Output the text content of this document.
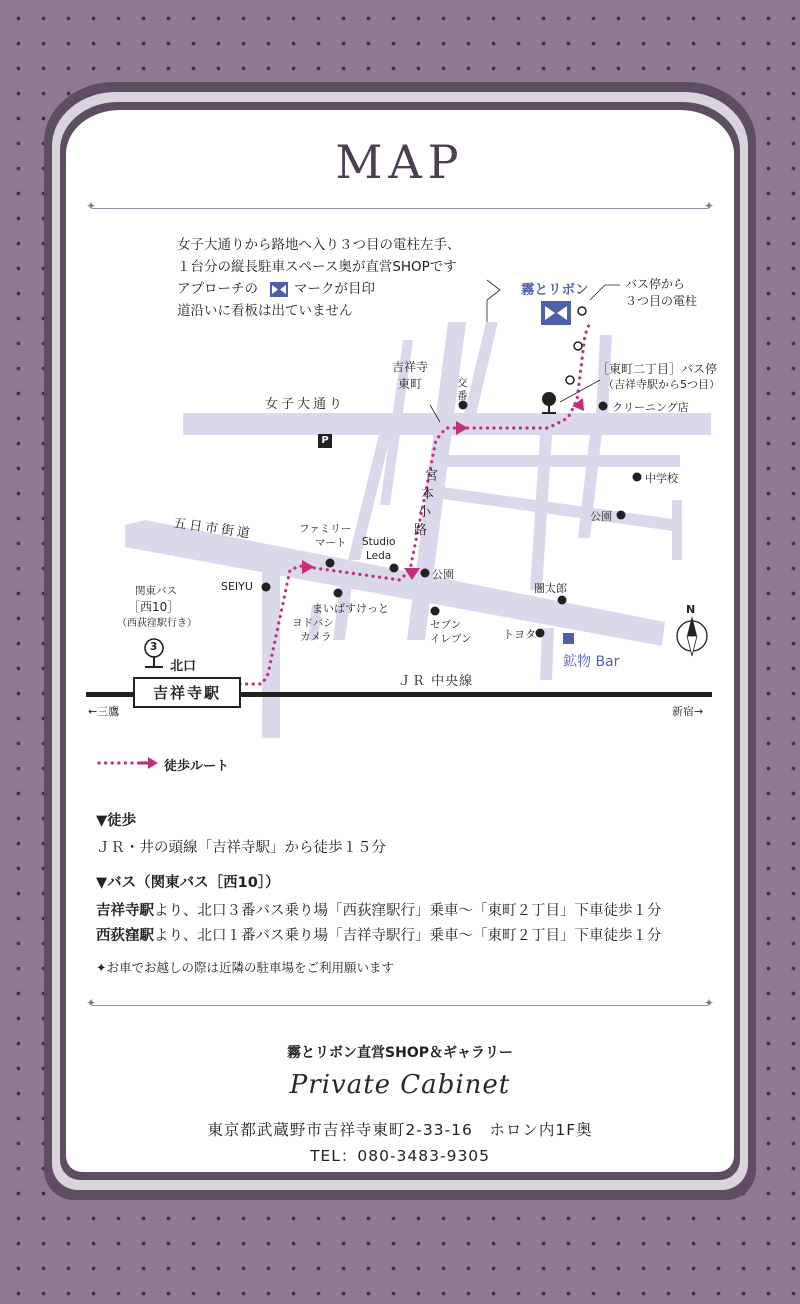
MAP
✦ ✦
女子大通りから路地へ入り３つ目の電柱左手、
１台分の縦長駐車スペース奥が直営SHOPです
アプローチの	マークが目印
道沿いに看板は出ていません
霧とリボン	バス停から
３つ目の電柱
［東町二丁目］バス停
（吉祥寺駅から5つ目）
吉祥寺
東町	交
番
クリーニング店
女子大通り
P
中学校
公園
五日市街道	ファミリー
マート Studio
Leda
宮
本
小
路
公園
SEIYU
まいばすけっと
ヨドバシ
カメラ
セブン
イレブン	トヨタ
闇太郎
鉱物 Bar
N
関東バス
［西10］
（西荻窪駅行き）
3
北口
吉祥寺駅
ＪＲ 中央線
←三鷹	新宿→
徒歩ルート
▼徒歩
ＪＲ・井の頭線「吉祥寺駅」から徒歩１５分
▼バス（関東バス［西10］）
吉祥寺駅より、北口３番バス乗り場「西荻窪駅行」乗車～「東町２丁目」下車徒歩１分
西荻窪駅より、北口１番バス乗り場「吉祥寺駅行」乗車～「東町２丁目」下車徒歩１分
✦お車でお越しの際は近隣の駐車場をご利用願います
✦ ✦
霧とリボン直営SHOP＆ギャラリー
Private Cabinet
東京都武蔵野市吉祥寺東町2-33-16　ホロン内1F奥
TEL：080-3483-9305
